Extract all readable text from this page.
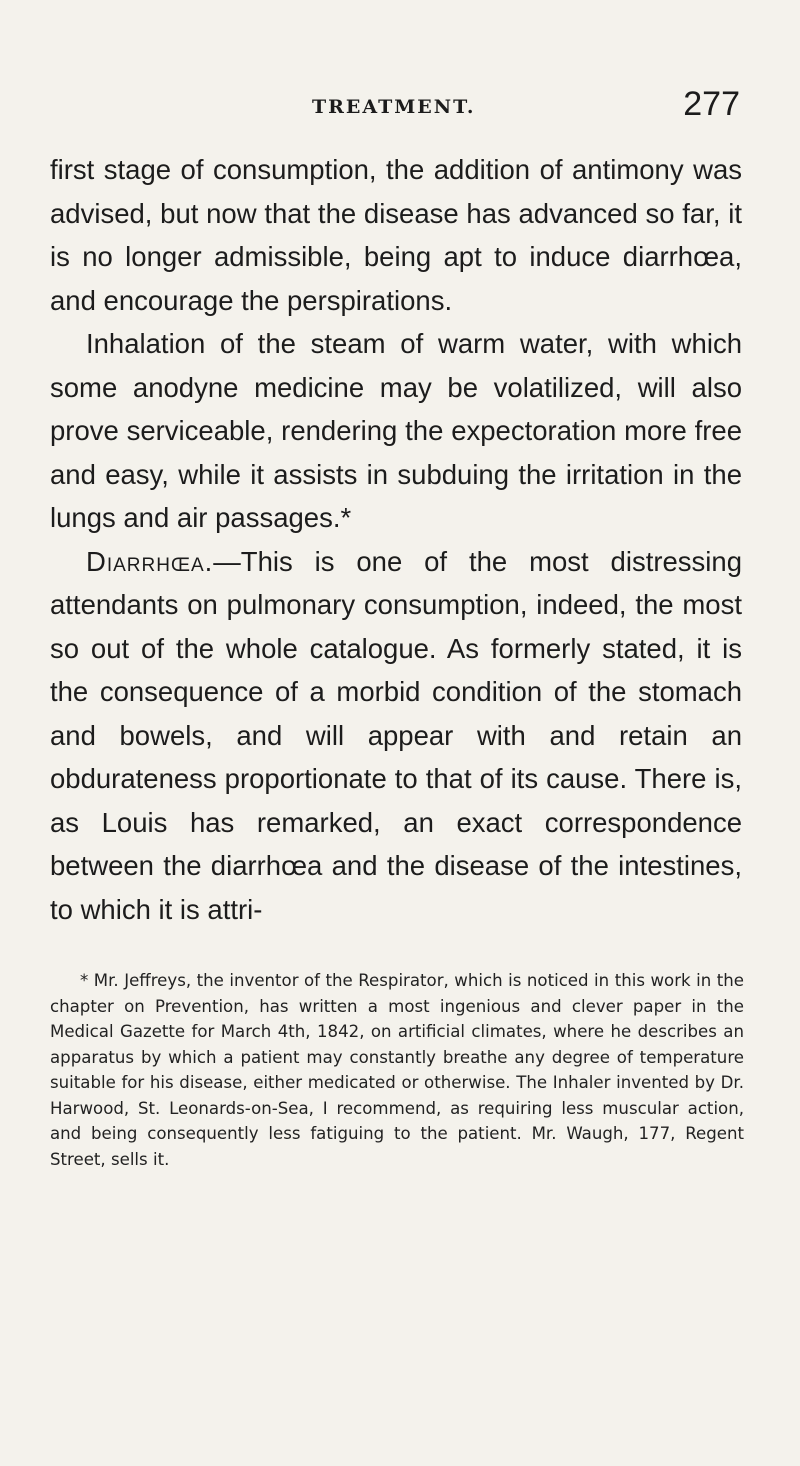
TREATMENT.	277

first stage of consumption, the addition of antimony was advised, but now that the disease has advanced so far, it is no longer admissible, being apt to induce diarrhœa, and encourage the perspirations.

Inhalation of the steam of warm water, with which some anodyne medicine may be volatilized, will also prove serviceable, rendering the expectoration more free and easy, while it assists in subduing the irritation in the lungs and air passages.*

Diarrhœa.—This is one of the most distressing attendants on pulmonary consumption, indeed, the most so out of the whole catalogue. As formerly stated, it is the consequence of a morbid condition of the stomach and bowels, and will appear with and retain an obdurateness proportionate to that of its cause. There is, as Louis has remarked, an exact correspondence between the diarrhœa and the disease of the intestines, to which it is attri-

* Mr. Jeffreys, the inventor of the Respirator, which is noticed in this work in the chapter on Prevention, has written a most ingenious and clever paper in the Medical Gazette for March 4th, 1842, on artificial climates, where he describes an apparatus by which a patient may constantly breathe any degree of temperature suitable for his disease, either medicated or otherwise. The Inhaler invented by Dr. Harwood, St. Leonards-on-Sea, I recommend, as requiring less muscular action, and being consequently less fatiguing to the patient. Mr. Waugh, 177, Regent Street, sells it.
